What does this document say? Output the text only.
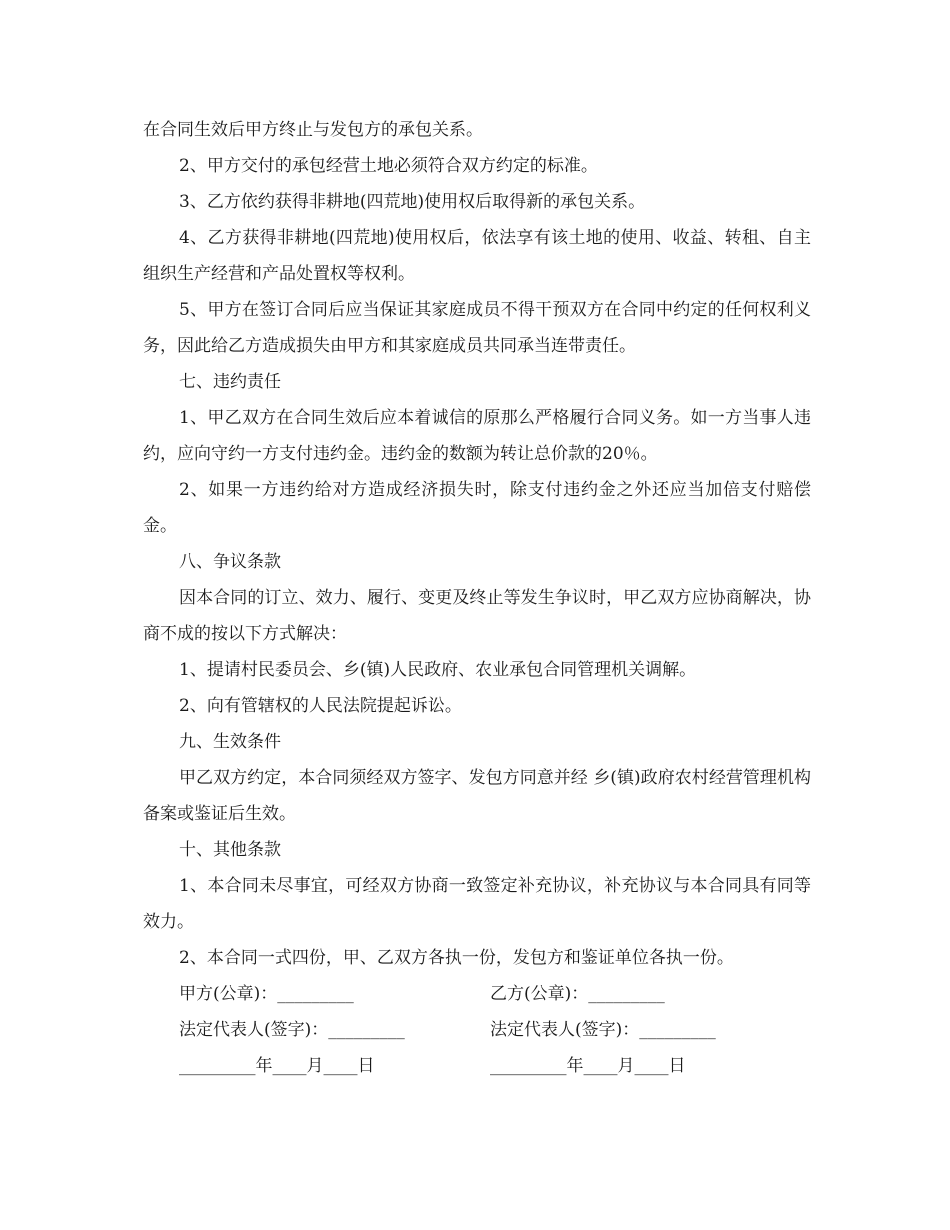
在合同生效后甲方终止与发包方的承包关系。

2、甲方交付的承包经营土地必须符合双方约定的标准。

3、乙方依约获得非耕地(四荒地)使用权后取得新的承包关系。

4、乙方获得非耕地(四荒地)使用权后，依法享有该土地的使用、收益、转租、自主组织生产经营和产品处置权等权利。

5、甲方在签订合同后应当保证其家庭成员不得干预双方在合同中约定的任何权利义务，因此给乙方造成损失由甲方和其家庭成员共同承当连带责任。

七、违约责任

1、甲乙双方在合同生效后应本着诚信的原那么严格履行合同义务。如一方当事人违约，应向守约一方支付违约金。违约金的数额为转让总价款的20％。

2、如果一方违约给对方造成经济损失时，除支付违约金之外还应当加倍支付赔偿金。

八、争议条款

因本合同的订立、效力、履行、变更及终止等发生争议时，甲乙双方应协商解决，协商不成的按以下方式解决：

1、提请村民委员会、乡(镇)人民政府、农业承包合同管理机关调解。

2、向有管辖权的人民法院提起诉讼。

九、生效条件

甲乙双方约定，本合同须经双方签字、发包方同意并经 乡(镇)政府农村经营管理机构备案或鉴证后生效。

十、其他条款

1、本合同未尽事宜，可经双方协商一致签定补充协议，补充协议与本合同具有同等效力。

2、本合同一式四份，甲、乙双方各执一份，发包方和鉴证单位各执一份。

甲方(公章)：_________	乙方(公章)：_________
法定代表人(签字)：_________	法定代表人(签字)：_________
_________年____月____日	_________年____月____日
